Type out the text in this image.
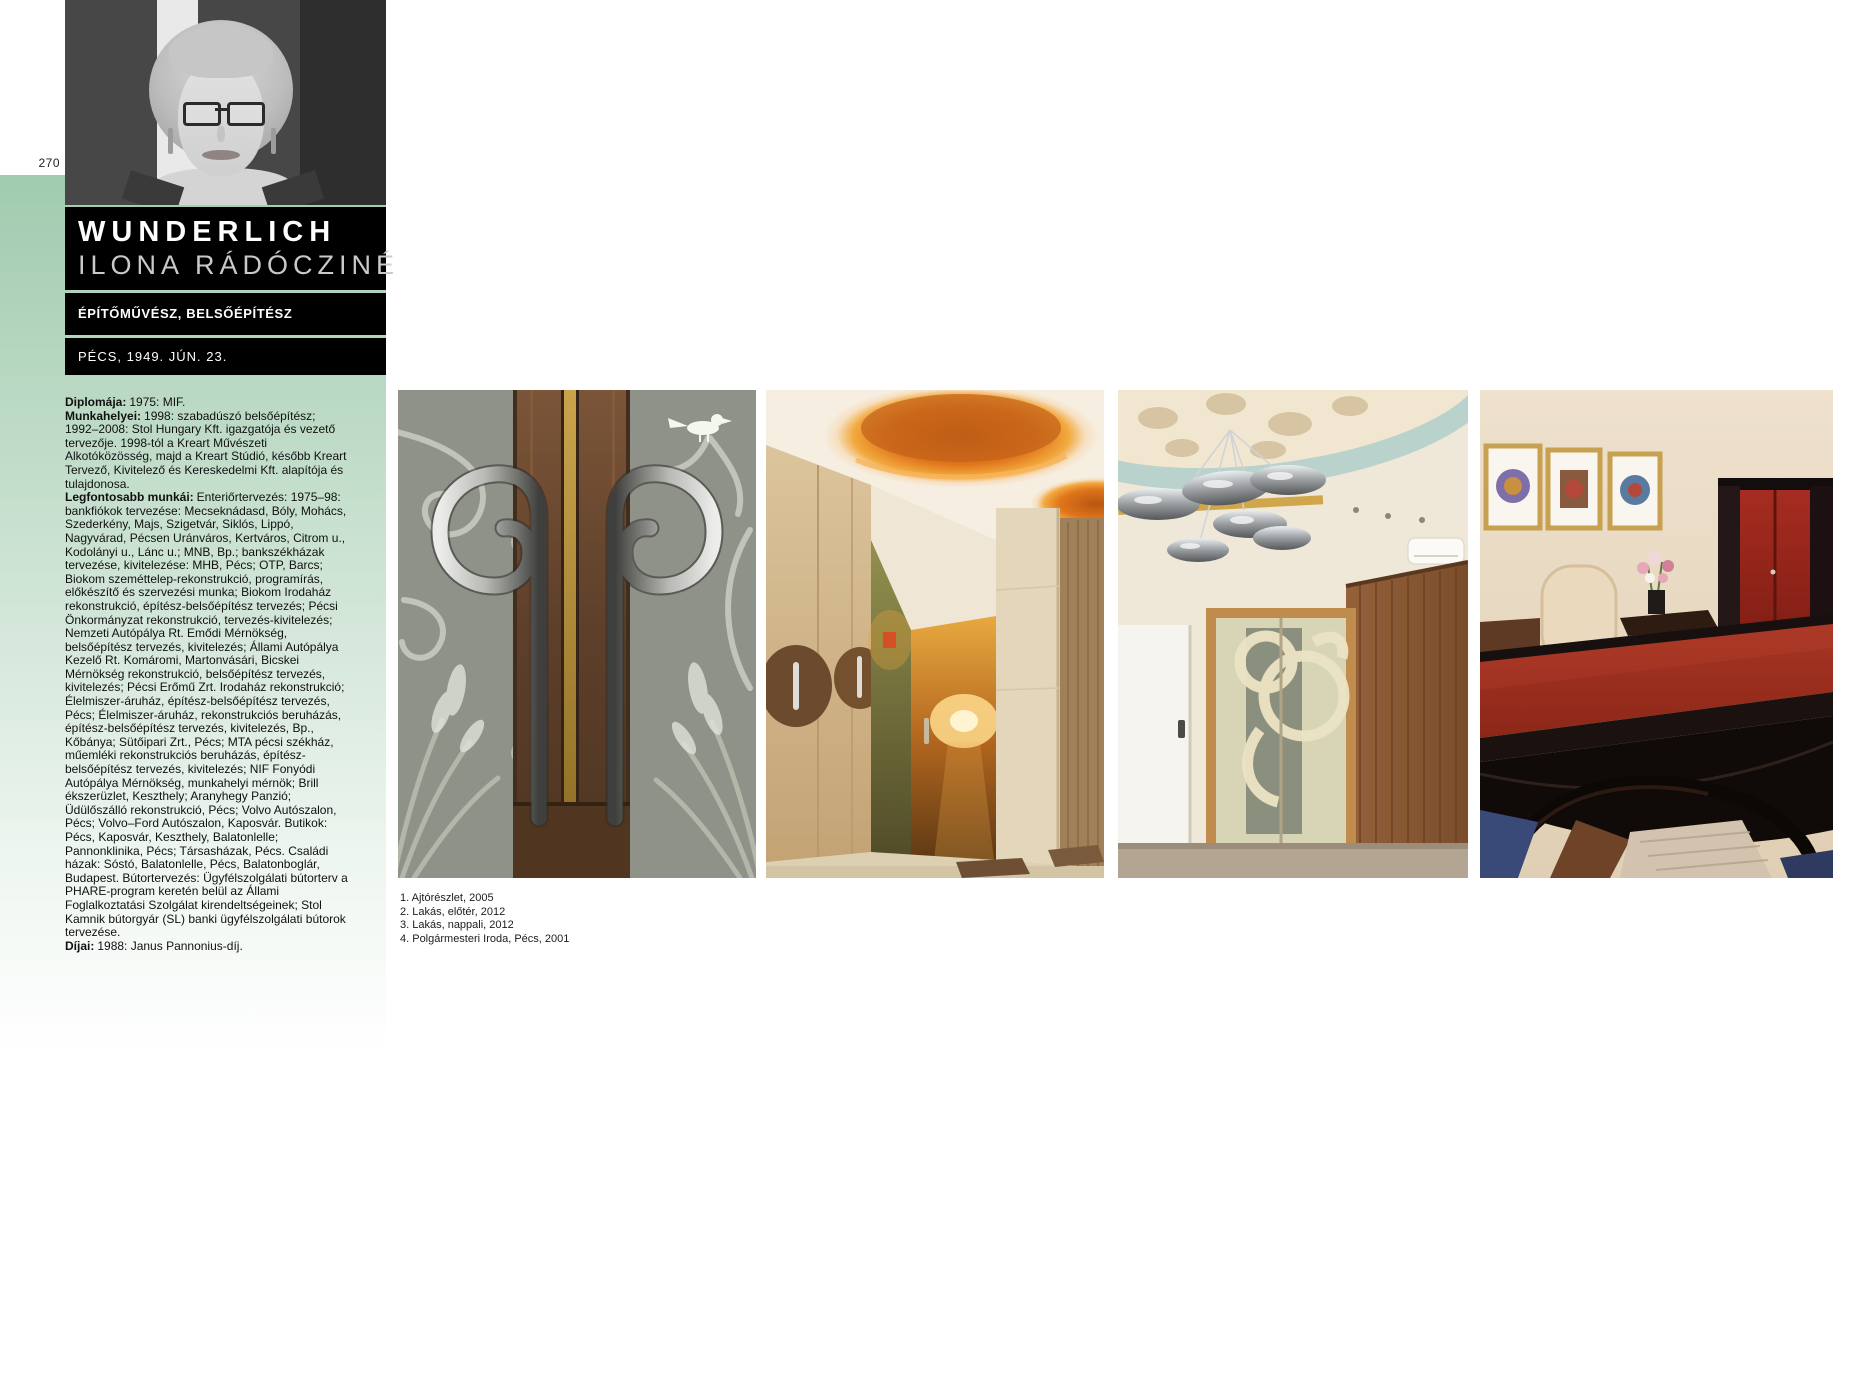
270
WUNDERLICH
ILONA RÁDÓCZINÉ
ÉPÍTŐMŰVÉSZ, BELSŐÉPÍTÉSZ
PÉCS, 1949. JÚN. 23.

Diplomája: 1975: MIF.

Munkahelyei: 1998: szabadúszó belsőépítész; 1992–2008: Stol Hungary Kft. igazgatója és vezető tervezője. 1998-tól a Kreart Művészeti Alkotóközösség, majd a Kreart Stúdió, később Kreart Tervező, Kivitelező és Kereskedelmi Kft. alapítója és tulajdonosa.

Legfontosabb munkái: Enteriőrtervezés: 1975–98: bankfiókok tervezése: Mecseknádasd, Bóly, Mohács, Szederkény, Majs, Szigetvár, Siklós, Lippó, Nagyvárad, Pécsen Uránváros, Kertváros, Citrom u., Kodolányi u., Lánc u.; MNB, Bp.; bankszékházak tervezése, kivitelezése: MHB, Pécs; OTP, Barcs; Biokom szeméttelep-rekonstrukció, programírás, előkészítő és szervezési munka; Biokom Irodaház rekonstrukció, építész-belsőépítész tervezés; Pécsi Önkormányzat rekonstrukció, tervezés-kivitelezés; Nemzeti Autópálya Rt. Emődi Mérnökség, belsőépítész tervezés, kivitelezés; Állami Autópálya Kezelő Rt. Komáromi, Martonvásári, Bicskei Mérnökség rekonstrukció, belsőépítész tervezés, kivitelezés; Pécsi Erőmű Zrt. Irodaház rekonstrukció; Élelmiszer-áruház, építész-belsőépítész tervezés, Pécs; Élelmiszer-áruház, rekonstrukciós beruházás, építész-belsőépítész tervezés, kivitelezés, Bp., Kőbánya; Sütőipari Zrt., Pécs; MTA pécsi székház, műemléki rekonstrukciós beruházás, építész-belsőépítész tervezés, kivitelezés; NIF Fonyódi Autópálya Mérnökség, munkahelyi mérnök; Brill ékszerüzlet, Keszthely; Aranyhegy Panzió; Üdülőszálló rekonstrukció, Pécs; Volvo Autószalon, Pécs; Volvo–Ford Autószalon, Kaposvár. Butikok: Pécs, Kaposvár, Keszthely, Balatonlelle; Pannonklinika, Pécs; Társasházak, Pécs. Családi házak: Sóstó, Balatonlelle, Pécs, Balatonboglár, Budapest. Bútortervezés: Ügyfélszolgálati bútorterv a PHARE-program keretén belül az Állami Foglalkoztatási Szolgálat kirendeltségeinek; Stol Kamnik bútorgyár (SL) banki ügyfélszolgálati bútorok tervezése.

Díjai: 1988: Janus Pannonius-díj.

1. Ajtórészlet, 2005

2. Lakás, előtér, 2012

3. Lakás, nappali, 2012

4. Polgármesteri Iroda, Pécs, 2001
